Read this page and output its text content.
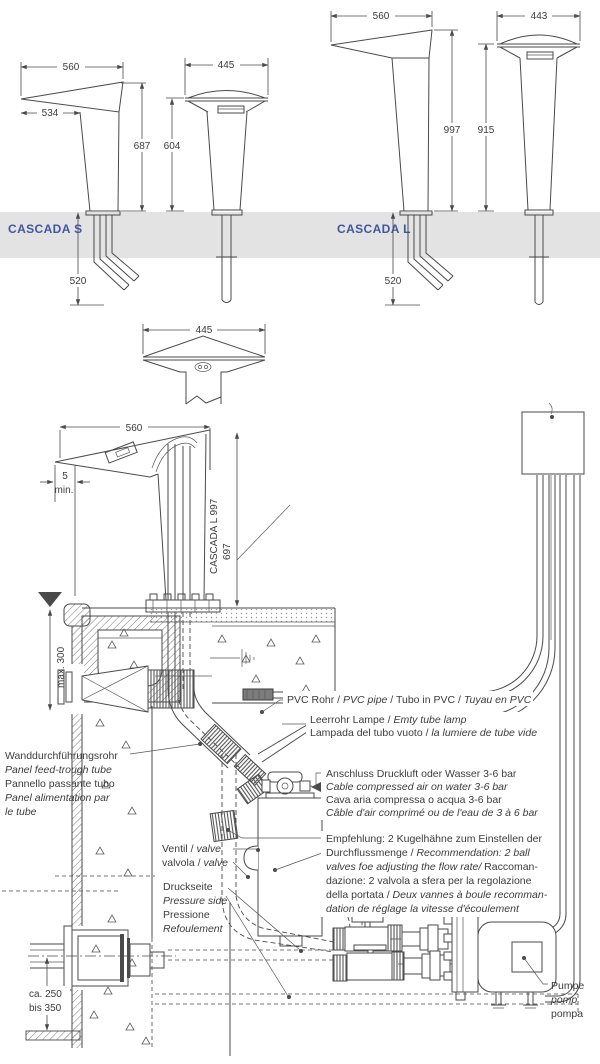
CASCADA S	CASCADA L
560
534
687 604
520
445
560
997 915
520
443
445
560
5
min.
CASCADA L 997 697
max. 300
ca. 250
bis 350
PVC Rohr / PVC pipe / Tubo in PVC / Tuyau en PVC
Leerrohr Lampe / Emty tube lamp
Lampada del tubo vuoto / la lumiere de tube vide
Anschluss Druckluft oder Wasser 3-6 bar
Cable compressed air on water 3-6 bar
Cava aria compressa o acqua 3-6 bar
Câble d'air comprimé ou de l'eau de 3 à 6 bar
Empfehlung: 2 Kugelhähne zum Einstellen der
Durchflussmenge / Recommendation: 2 ball
valves foe adjusting the flow rate/ Raccoman-
dazione: 2 valvola a sfera per la regolazione
della portata / Deux vannes à boule recomman-
dation de réglage la vitesse d'écoulement
Wanddurchführungsrohr
Panel feed-trough tube
Pannello passante tubo
Panel alimentation par
le tube
Ventil / valve
valvola / valve
Druckseite
Pressure side
Pressione
Refoulement
Pumpe
pomp
pompa
